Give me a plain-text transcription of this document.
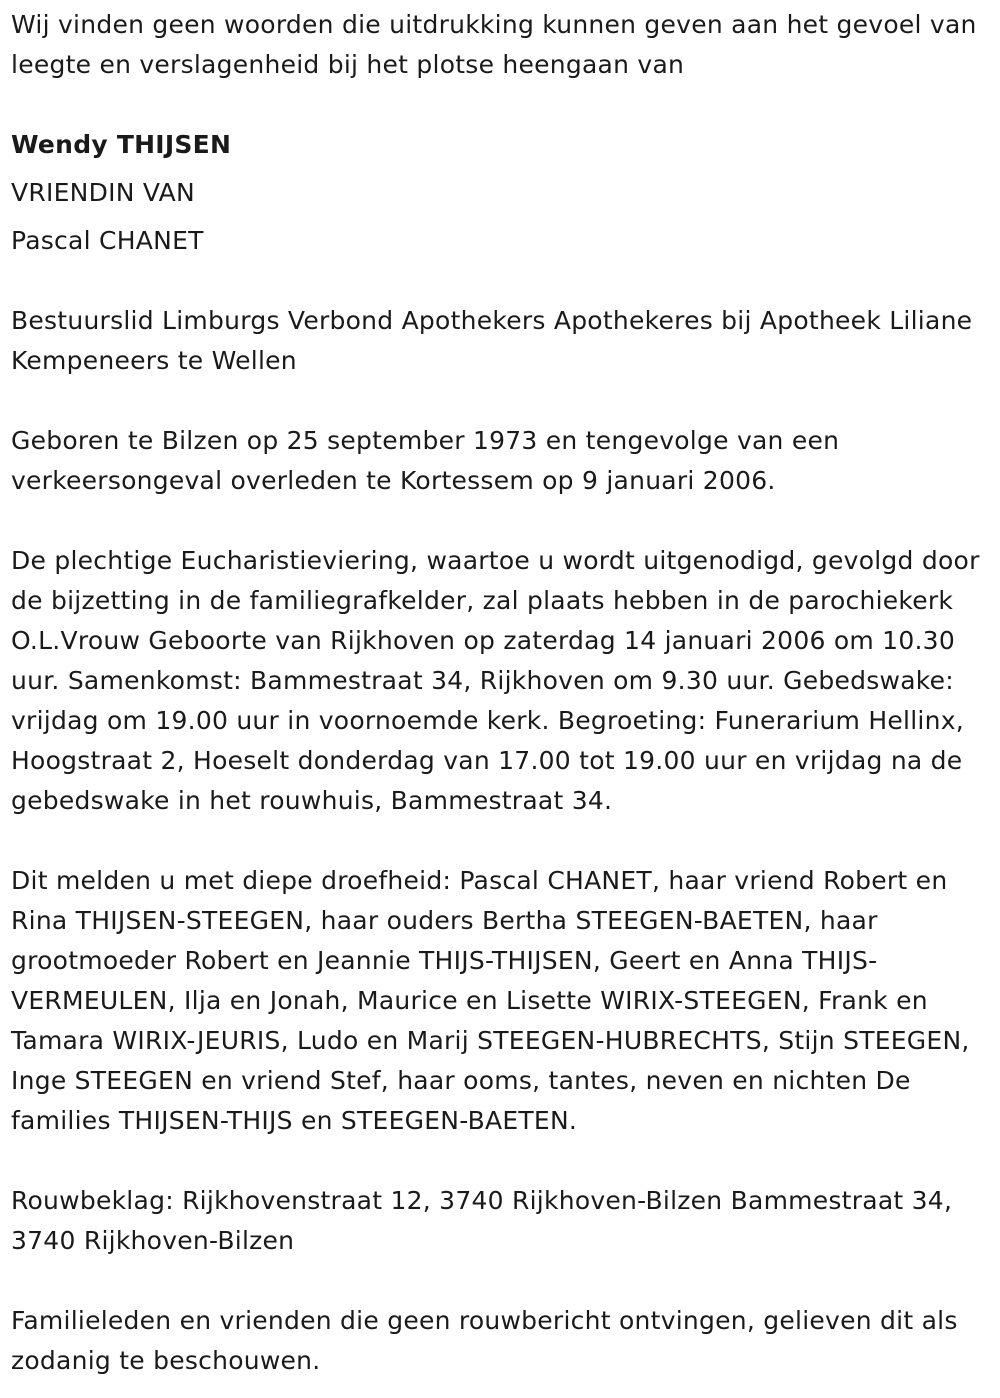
Wij vinden geen woorden die uitdrukking kunnen geven aan het gevoel van leegte en verslagenheid bij het plotse heengaan van

Wendy THIJSEN

VRIENDIN VAN

Pascal CHANET

Bestuurslid Limburgs Verbond Apothekers Apothekeres bij Apotheek Liliane Kempeneers te Wellen

Geboren te Bilzen op 25 september 1973 en tengevolge van een verkeersongeval overleden te Kortessem op 9 januari 2006.

De plechtige Eucharistieviering, waartoe u wordt uitgenodigd, gevolgd door de bijzetting in de familiegrafkelder, zal plaats hebben in de parochiekerk O.L.Vrouw Geboorte van Rijkhoven op zaterdag 14 januari 2006 om 10.30 uur. Samenkomst: Bammestraat 34, Rijkhoven om 9.30 uur. Gebedswake: vrijdag om 19.00 uur in voornoemde kerk. Begroeting: Funerarium Hellinx, Hoogstraat 2, Hoeselt donderdag van 17.00 tot 19.00 uur en vrijdag na de gebedswake in het rouwhuis, Bammestraat 34.

Dit melden u met diepe droefheid: Pascal CHANET, haar vriend Robert en Rina THIJSEN-STEEGEN, haar ouders Bertha STEEGEN-BAETEN, haar grootmoeder Robert en Jeannie THIJS-THIJSEN, Geert en Anna THIJS-VERMEULEN, Ilja en Jonah, Maurice en Lisette WIRIX-STEEGEN, Frank en Tamara WIRIX-JEURIS, Ludo en Marij STEEGEN-HUBRECHTS, Stijn STEEGEN, Inge STEEGEN en vriend Stef, haar ooms, tantes, neven en nichten De families THIJSEN-THIJS en STEEGEN-BAETEN.

Rouwbeklag: Rijkhovenstraat 12, 3740 Rijkhoven-Bilzen Bammestraat 34, 3740 Rijkhoven-Bilzen

Familieleden en vrienden die geen rouwbericht ontvingen, gelieven dit als zodanig te beschouwen.
